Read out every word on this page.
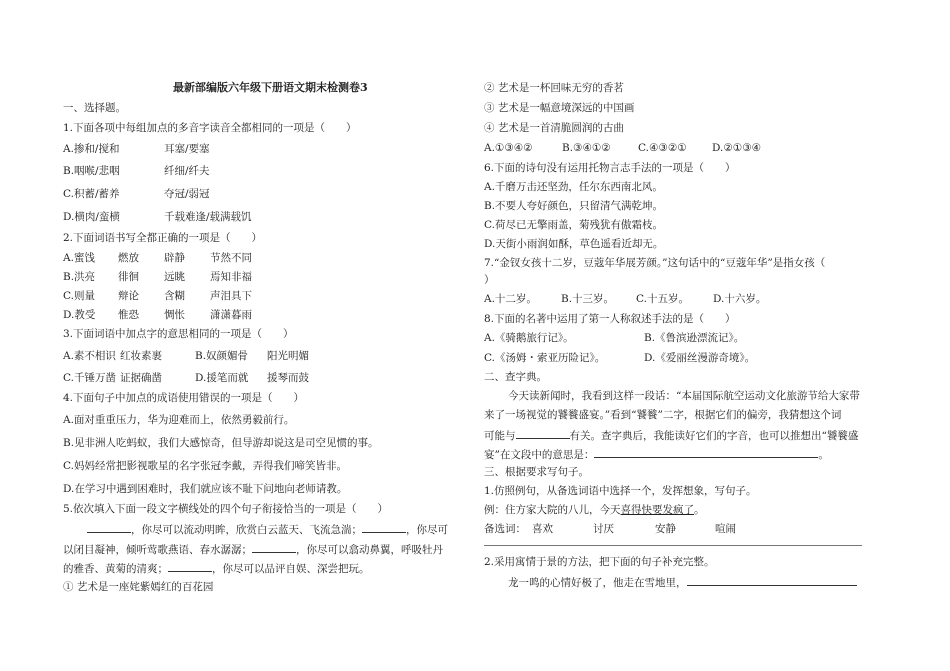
最新部编版六年级下册语文期末检测卷3
一、选择题。
1.下面各项中每组加点的多音字读音全都相同的一项是（　　）
A.掺和/搅和	耳塞/要塞
B.咽喉/悲咽	纤细/纤夫
C.积蓄/蓄养	夺冠/弱冠
D.横肉/蛮横	千载难逢/载满载饥
2.下面词语书写全都正确的一项是（　　）
A.蜜饯 燃放 辟静 节然不同
B.洪亮 徘徊 远眺 焉知非福
C.则量 辩论 含糊 声泪具下
D.教受 惟恐 惆怅 潇潇暮雨
3.下面词语中加点字的意思相同的一项是（　　）
A.素不相识 红妆素裹	B.奴颜媚骨 阳光明媚
C.千锤万凿 证据确凿	D.援笔而就 援琴而鼓
4.下面句子中加点的成语使用错误的一项是（　　）
A.面对重重压力，华为迎难而上，依然勇毅前行。
B.见非洲人吃蚂蚁，我们大感惊奇，但导游却说这是司空见惯的事。
C.妈妈经常把影视歌星的名字张冠李戴，弄得我们啼笑皆非。
D.在学习中遇到困难时，我们就应该不耻下问地向老师请教。
5.依次填入下面一段文字横线处的四个句子衔接恰当的一项是（　　）
，你尽可以流动明眸，欣赏白云蓝天、飞流急湍；	，你尽可
以闭目凝神，倾听莺歌燕语、春水潺潺；	，你尽可以翕动鼻翼，呼吸牡丹
的雅香、黄菊的清爽；	，你尽可以品评自娱、深尝把玩。
① 艺术是一座姹紫嫣红的百花园
② 艺术是一杯回味无穷的香茗
③ 艺术是一幅意境深远的中国画
④ 艺术是一首清脆圆润的古曲
A.①③④②	B.③④①②	C.④③②① D.②①③④
6.下面的诗句没有运用托物言志手法的一项是（　　）
A.千磨万击还坚劲，任尔东西南北风。
B.不要人夸好颜色，只留清气满乾坤。
C.荷尽已无擎雨盖，菊残犹有傲霜枝。
D.天街小雨润如酥，草色遥看近却无。
7.“金钗女孩十二岁，豆蔻年华展芳颜。”这句话中的“豆蔻年华”是指女孩（
）
A.十二岁。 B.十三岁。 C.十五岁。 D.十六岁。
8.下面的名著中运用了第一人称叙述手法的是（　　）
A.《骑鹅旅行记》。	B.《鲁滨逊漂流记》。
C.《汤姆・索亚历险记》。	D.《爱丽丝漫游奇境》。
二、查字典。
今天读新闻时，我看到这样一段话：“本届国际航空运动文化旅游节给大家带
来了一场视觉的饕餮盛宴。”看到“饕餮”二字，根据它们的偏旁，我猜想这个词
可能与	有关。查字典后，我能读好它们的字音，也可以推想出“饕餮盛
宴”在文段中的意思是：	。
三、根据要求写句子。
1.仿照例句，从备选词语中选择一个，发挥想象，写句子。
例：住方家大院的八儿，今天喜得快要发疯了。
备选词： 喜欢	讨厌	安静	喧闹
2.采用寓情于景的方法，把下面的句子补充完整。
龙一鸣的心情好极了，他走在雪地里，
